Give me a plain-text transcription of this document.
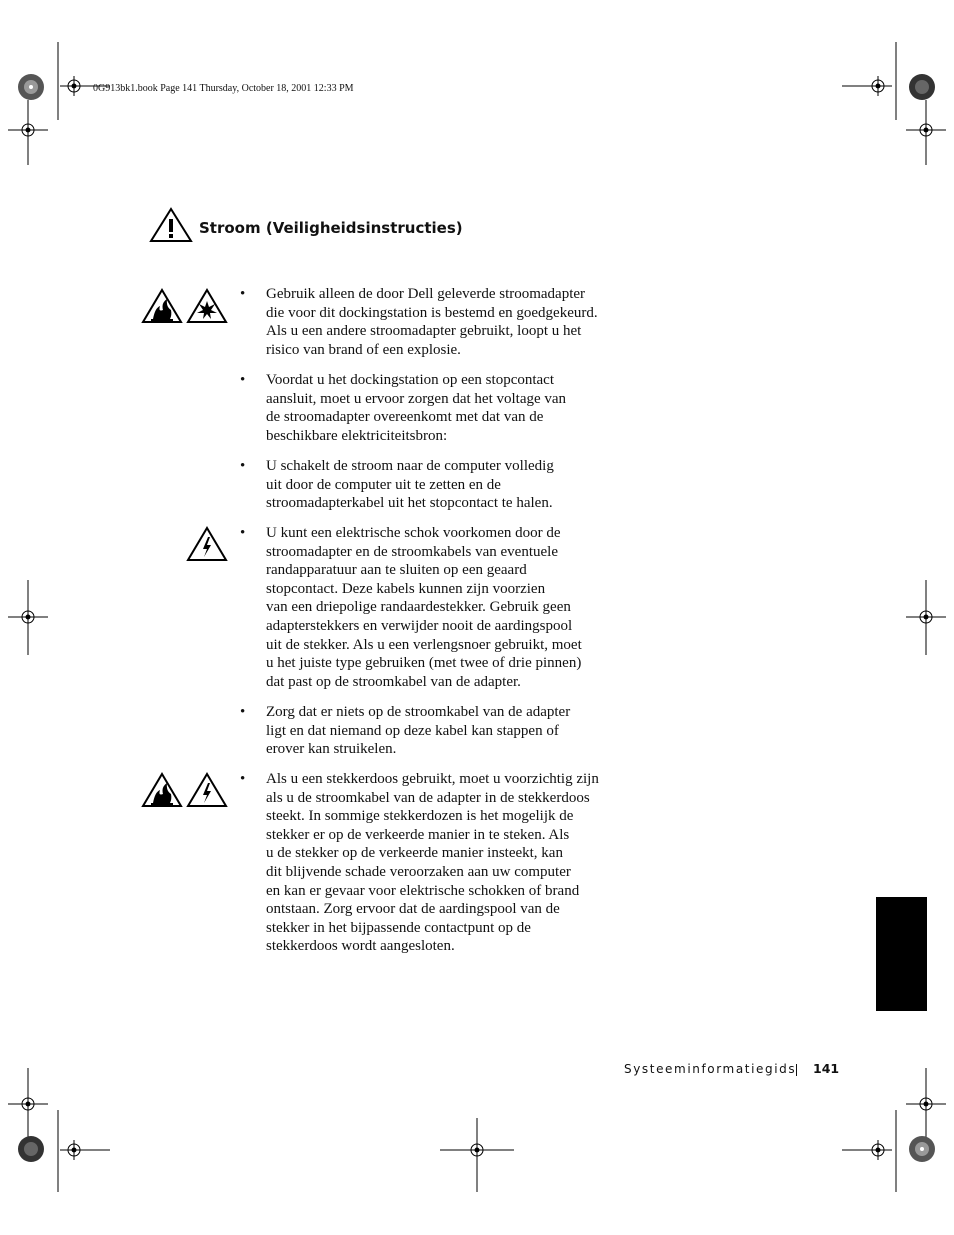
0G913bk1.book Page 141 Thursday, October 18, 2001 12:33 PM
Stroom (Veiligheidsinstructies)
• Gebruik alleen de door Dell geleverde stroomadapter
die voor dit dockingstation is bestemd en goedgekeurd.
Als u een andere stroomadapter gebruikt, loopt u het
risico van brand of een explosie.
• Voordat u het dockingstation op een stopcontact
aansluit, moet u ervoor zorgen dat het voltage van
de stroomadapter overeenkomt met dat van de
beschikbare elektriciteitsbron:
• U schakelt de stroom naar de computer volledig
uit door de computer uit te zetten en de
stroomadapterkabel uit het stopcontact te halen.
• U kunt een elektrische schok voorkomen door de
stroomadapter en de stroomkabels van eventuele
randapparatuur aan te sluiten op een geaard
stopcontact. Deze kabels kunnen zijn voorzien
van een driepolige randaardestekker. Gebruik geen
adapterstekkers en verwijder nooit de aardingspool
uit de stekker. Als u een verlengsnoer gebruikt, moet
u het juiste type gebruiken (met twee of drie pinnen)
dat past op de stroomkabel van de adapter.
• Zorg dat er niets op de stroomkabel van de adapter
ligt en dat niemand op deze kabel kan stappen of
erover kan struikelen.
• Als u een stekkerdoos gebruikt, moet u voorzichtig zijn
als u de stroomkabel van de adapter in de stekkerdoos
steekt. In sommige stekkerdozen is het mogelijk de
stekker er op de verkeerde manier in te steken. Als
u de stekker op de verkeerde manier insteekt, kan
dit blijvende schade veroorzaken aan uw computer
en kan er gevaar voor elektrische schokken of brand
ontstaan. Zorg ervoor dat de aardingspool van de
stekker in het bijpassende contactpunt op de
stekkerdoos wordt aangesloten.
Systeeminformatiegids 141
